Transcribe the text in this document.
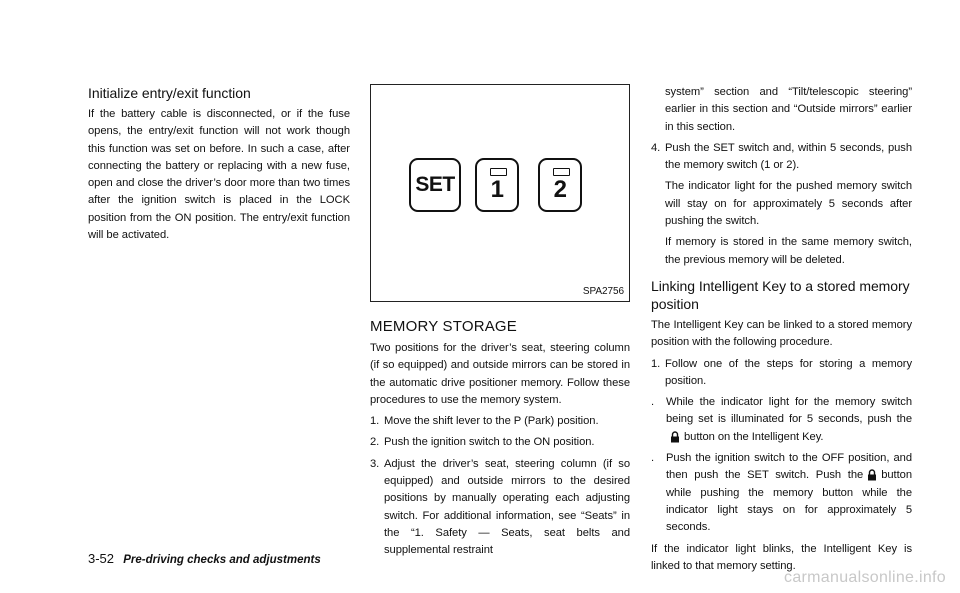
Initialize entry/exit function

If the battery cable is disconnected, or if the fuse opens, the entry/exit function will not work though this function was set on before. In such a case, after connecting the battery or replacing with a new fuse, open and close the driver’s door more than two times after the ignition switch is placed in the LOCK position from the ON position. The entry/exit function will be activated.

SET 1 2
SPA2756
MEMORY STORAGE

Two positions for the driver’s seat, steering column (if so equipped) and outside mirrors can be stored in the automatic drive positioner memory. Follow these procedures to use the memory system.

1. Move the shift lever to the P (Park) position.
2. Push the ignition switch to the ON position.
3. Adjust the driver’s seat, steering column (if so equipped) and outside mirrors to the desired positions by manually operating each adjusting switch. For additional information, see “Seats” in the “1. Safety — Seats, seat belts and supplemental restraint

system” section and “Tilt/telescopic steering” earlier in this section and “Outside mirrors” earlier in this section.

4. Push the SET switch and, within 5 seconds, push the memory switch (1 or 2).

The indicator light for the pushed memory switch will stay on for approximately 5 seconds after pushing the switch.

If memory is stored in the same memory switch, the previous memory will be deleted.

Linking Intelligent Key to a stored memory position

The Intelligent Key can be linked to a stored memory position with the following procedure.

1. Follow one of the steps for storing a memory position.
.	While the indicator light for the memory switch being set is illuminated for 5 seconds, push thebutton on the Intelligent Key.
.	Push the ignition switch to the OFF position, and then push the SET switch. Push the button while pushing the memory button while the indicator light stays on for approximately 5 seconds.

If the indicator light blinks, the Intelligent Key is linked to that memory setting.

3-52 Pre-driving checks and adjustments
carmanualsonline.info
